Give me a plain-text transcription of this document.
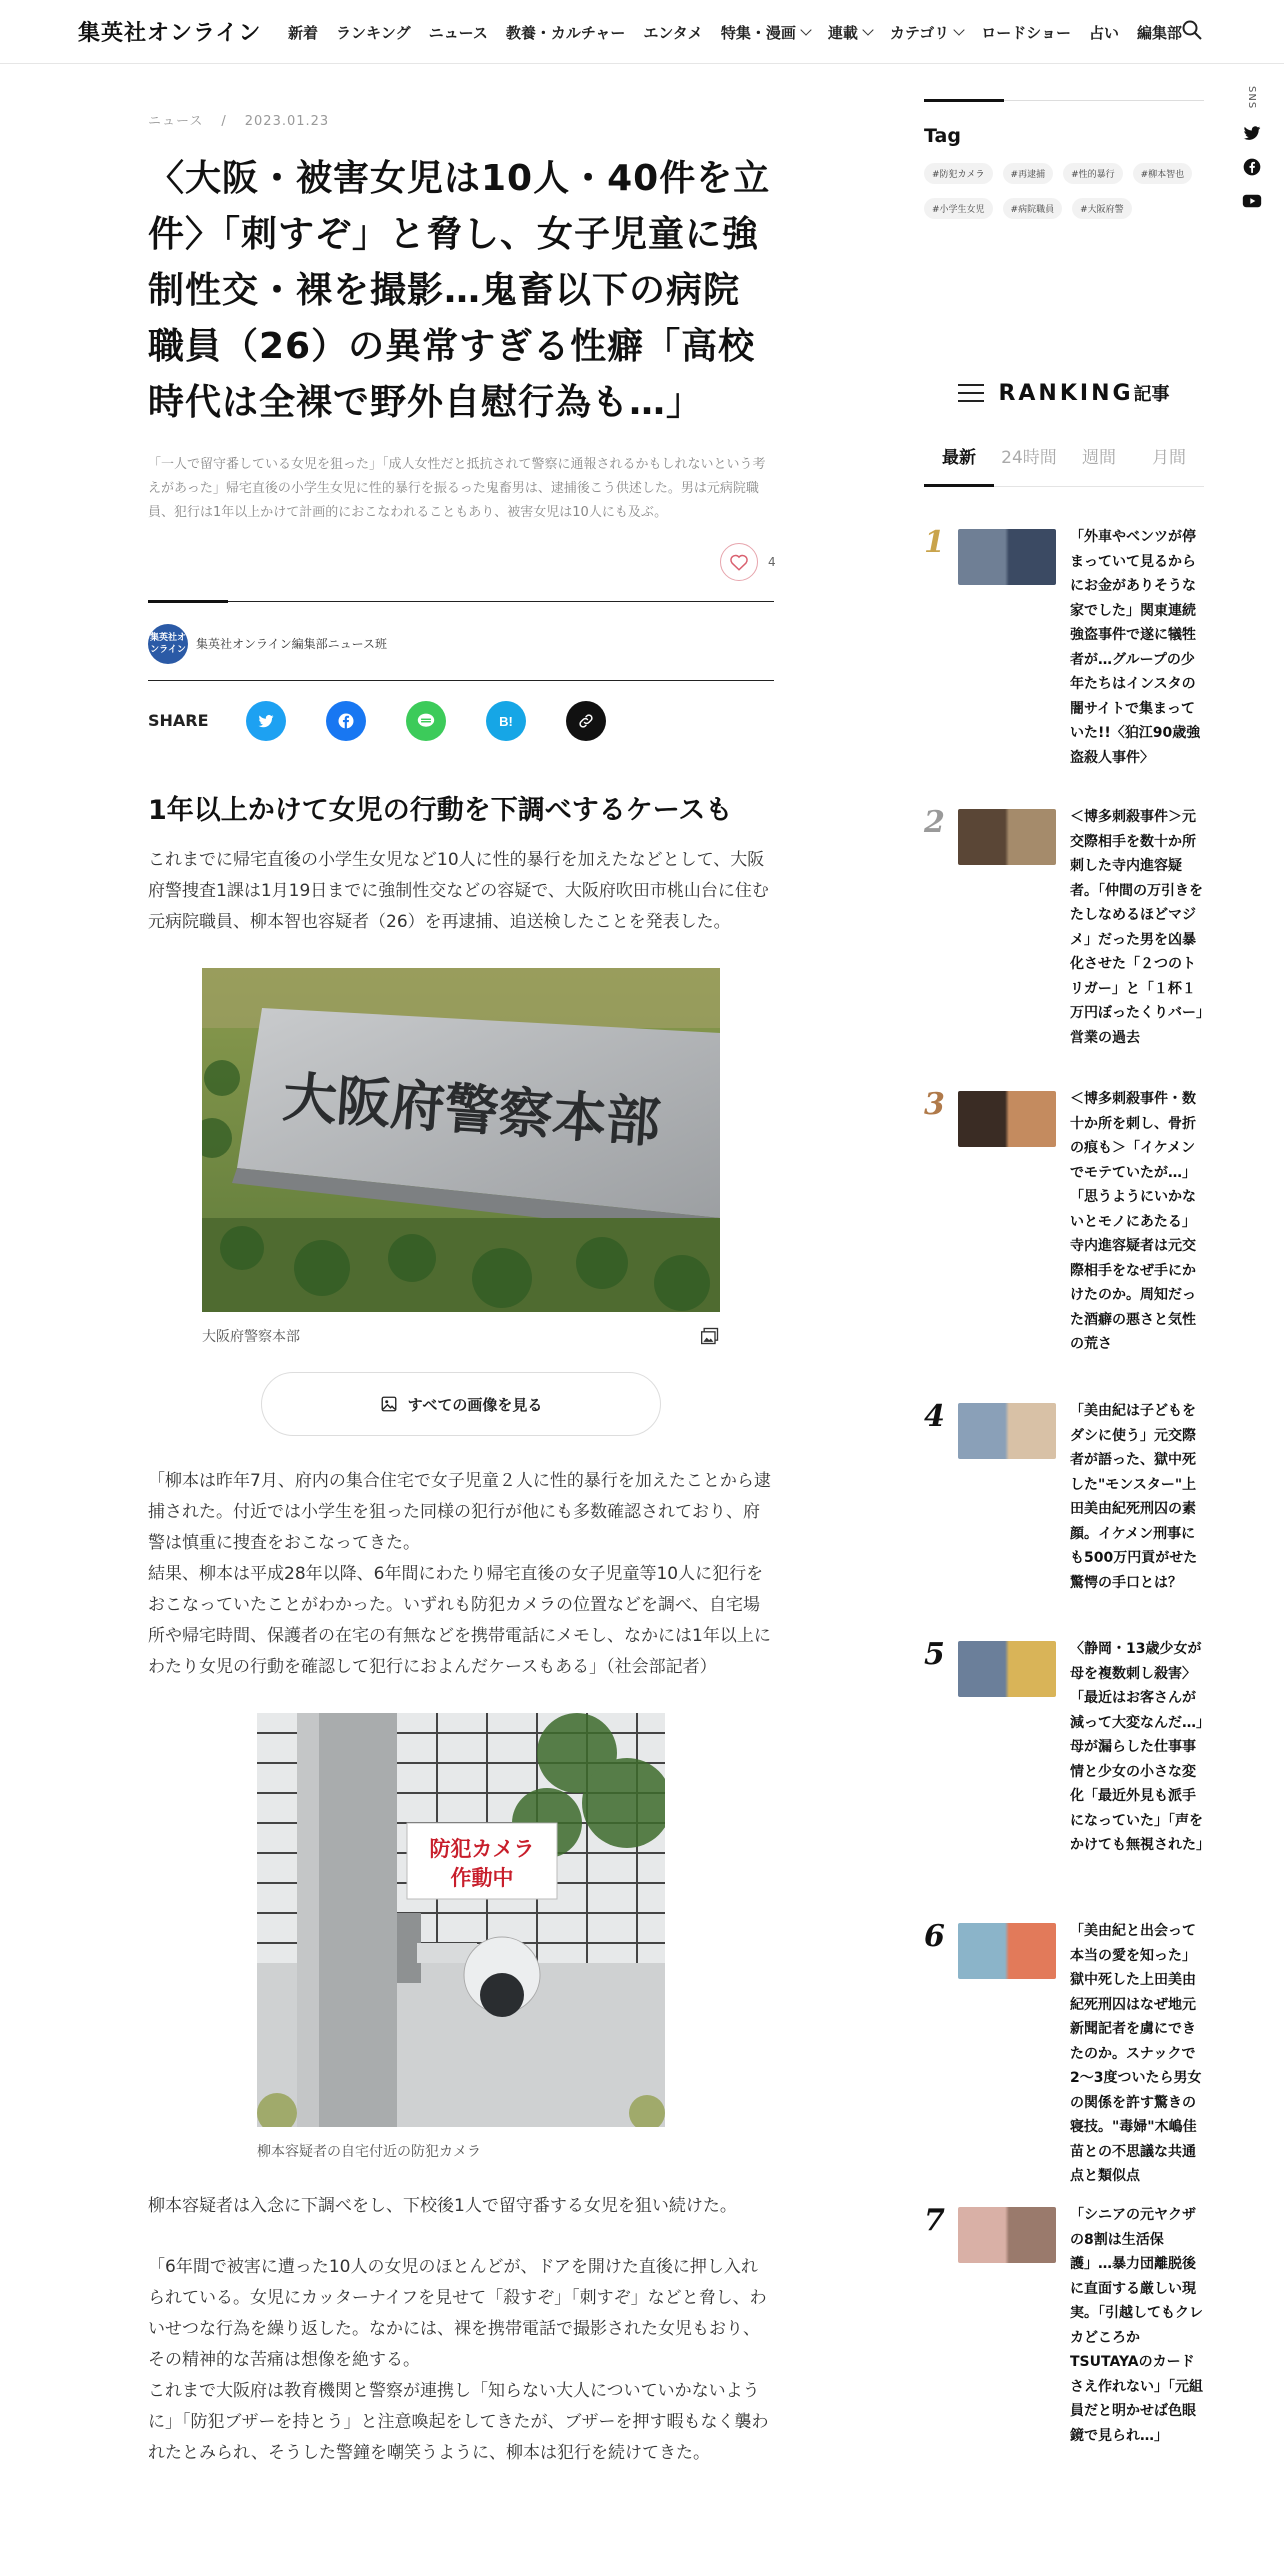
集英社オンライン 新着 ランキング ニュース 教養・カルチャー エンタメ 特集・漫画 連載 カテゴリ ロードショー 占い 編集部
SNS
ニュース / 2023.01.23
〈大阪・被害女児は10人・40件を立件〉「刺すぞ」と脅し、女子児童に強制性交・裸を撮影…鬼畜以下の病院職員（26）の異常すぎる性癖「高校時代は全裸で野外自慰行為も…」

「一人で留守番している女児を狙った」「成人女性だと抵抗されて警察に通報されるかもしれないという考えがあった」帰宅直後の小学生女児に性的暴行を振るった鬼畜男は、逮捕後こう供述した。男は元病院職員、犯行は1年以上かけて計画的におこなわれることもあり、被害女児は10人にも及ぶ。

4
集英社オンライン 集英社オンライン編集部ニュース班
SHARE	B!
1年以上かけて女児の行動を下調べするケースも

これまでに帰宅直後の小学生女児など10人に性的暴行を加えたなどとして、大阪府警捜査1課は1月19日までに強制性交などの容疑で、大阪府吹田市桃山台に住む元病院職員、柳本智也容疑者（26）を再逮捕、追送検したことを発表した。

大阪府警察本部
大阪府警察本部
すべての画像を見る

「柳本は昨年7月、府内の集合住宅で女子児童２人に性的暴行を加えたことから逮捕された。付近では小学生を狙った同様の犯行が他にも多数確認されており、府警は慎重に捜査をおこなってきた。
結果、柳本は平成28年以降、6年間にわたり帰宅直後の女子児童等10人に犯行をおこなっていたことがわかった。いずれも防犯カメラの位置などを調べ、自宅場所や帰宅時間、保護者の在宅の有無などを携帯電話にメモし、なかには1年以上にわたり女児の行動を確認して犯行におよんだケースもある」（社会部記者）

防犯カメラ
作動中
柳本容疑者の自宅付近の防犯カメラ

柳本容疑者は入念に下調べをし、下校後1人で留守番する女児を狙い続けた。

「6年間で被害に遭った10人の女児のほとんどが、ドアを開けた直後に押し入れられている。女児にカッターナイフを見せて「殺すぞ」「刺すぞ」などと脅し、わいせつな行為を繰り返した。なかには、裸を携帯電話で撮影された女児もおり、その精神的な苦痛は想像を絶する。
これまで大阪府は教育機関と警察が連携し「知らない大人についていかないように」「防犯ブザーを持とう」と注意喚起をしてきたが、ブザーを押す暇もなく襲われたとみられ、そうした警鐘を嘲笑うように、柳本は犯行を続けてきた。

Tag
#防犯カメラ	#再逮捕	#性的暴行	#柳本智也
#小学生女児	#病院職員	#大阪府警
RANKING記事
最新	24時間	週間	月間
1	「外車やベンツが停まっていて見るからにお金がありそうな家でした」関東連続強盗事件で遂に犠牲者が…グループの少年たちはインスタの闇サイトで集まっていた!!〈狛江90歳強盗殺人事件〉
2	＜博多刺殺事件＞元交際相手を数十か所刺した寺内進容疑者。「仲間の万引きをたしなめるほどマジメ」だった男を凶暴化させた「２つのトリガー」と「１杯１万円ぼったくりバー」営業の過去
3	＜博多刺殺事件・数十か所を刺し、骨折の痕も＞「イケメンでモテていたが…」「思うようにいかないとモノにあたる」寺内進容疑者は元交際相手をなぜ手にかけたのか。周知だった酒癖の悪さと気性の荒さ
4	「美由紀は子どもをダシに使う」元交際者が語った、獄中死した"モンスター"上田美由紀死刑囚の素顔。イケメン刑事にも500万円貢がせた驚愕の手口とは？
5	〈静岡・13歳少女が母を複数刺し殺害〉「最近はお客さんが減って大変なんだ…」母が漏らした仕事事情と少女の小さな変化「最近外見も派手になっていた」「声をかけても無視された」
6	「美由紀と出会って本当の愛を知った」獄中死した上田美由紀死刑囚はなぜ地元新聞記者を虜にできたのか。スナックで2～3度ついたら男女の関係を許す驚きの寝技。"毒婦"木嶋佳苗との不思議な共通点と類似点
7	「シニアの元ヤクザの8割は生活保護」…暴力団離脱後に直面する厳しい現実。「引越してもクレカどころかTSUTAYAのカードさえ作れない」「元組員だと明かせば色眼鏡で見られ…」
